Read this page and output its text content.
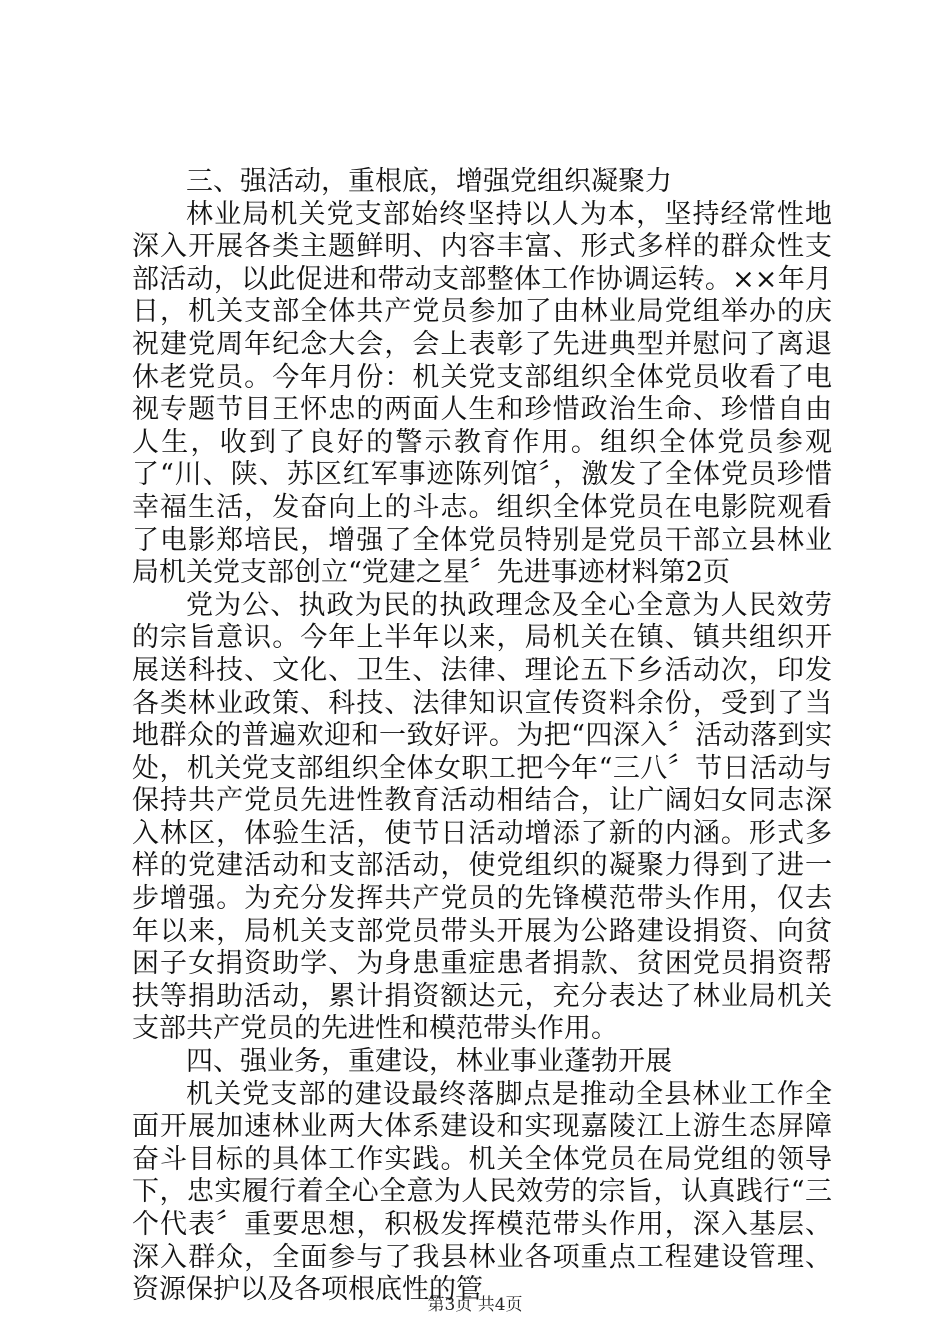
三、强活动，重根底，增强党组织凝聚力

林业局机关党支部始终坚持以人为本，坚持经常性地深入开展各类主题鲜明、内容丰富、形式多样的群众性支部活动，以此促进和带动支部整体工作协调运转。××年月日，机关支部全体共产党员参加了由林业局党组举办的庆祝建党周年纪念大会，会上表彰了先进典型并慰问了离退休老党员。今年月份：机关党支部组织全体党员收看了电视专题节目王怀忠的两面人生和珍惜政治生命、珍惜自由人生，收到了良好的警示教育作用。组织全体党员参观了“川、陕、苏区红军事迹陈列馆〞，激发了全体党员珍惜幸福生活，发奋向上的斗志。组织全体党员在电影院观看了电影郑培民，增强了全体党员特别是党员干部立县林业局机关党支部创立“党建之星〞先进事迹材料第2页

党为公、执政为民的执政理念及全心全意为人民效劳的宗旨意识。今年上半年以来，局机关在镇、镇共组织开展送科技、文化、卫生、法律、理论五下乡活动次，印发各类林业政策、科技、法律知识宣传资料余份，受到了当地群众的普遍欢迎和一致好评。为把“四深入〞活动落到实处，机关党支部组织全体女职工把今年“三八〞节日活动与保持共产党员先进性教育活动相结合，让广阔妇女同志深入林区，体验生活，使节日活动增添了新的内涵。形式多样的党建活动和支部活动，使党组织的凝聚力得到了进一步增强。为充分发挥共产党员的先锋模范带头作用，仅去年以来，局机关支部党员带头开展为公路建设捐资、向贫困子女捐资助学、为身患重症患者捐款、贫困党员捐资帮扶等捐助活动，累计捐资额达元，充分表达了林业局机关支部共产党员的先进性和模范带头作用。

四、强业务，重建设，林业事业蓬勃开展

机关党支部的建设最终落脚点是推动全县林业工作全面开展加速林业两大体系建设和实现嘉陵江上游生态屏障奋斗目标的具体工作实践。机关全体党员在局党组的领导下，忠实履行着全心全意为人民效劳的宗旨，认真践行“三个代表〞重要思想，积极发挥模范带头作用，深入基层、深入群众，全面参与了我县林业各项重点工程建设管理、资源保护以及各项根底性的管

第3页 共4页
